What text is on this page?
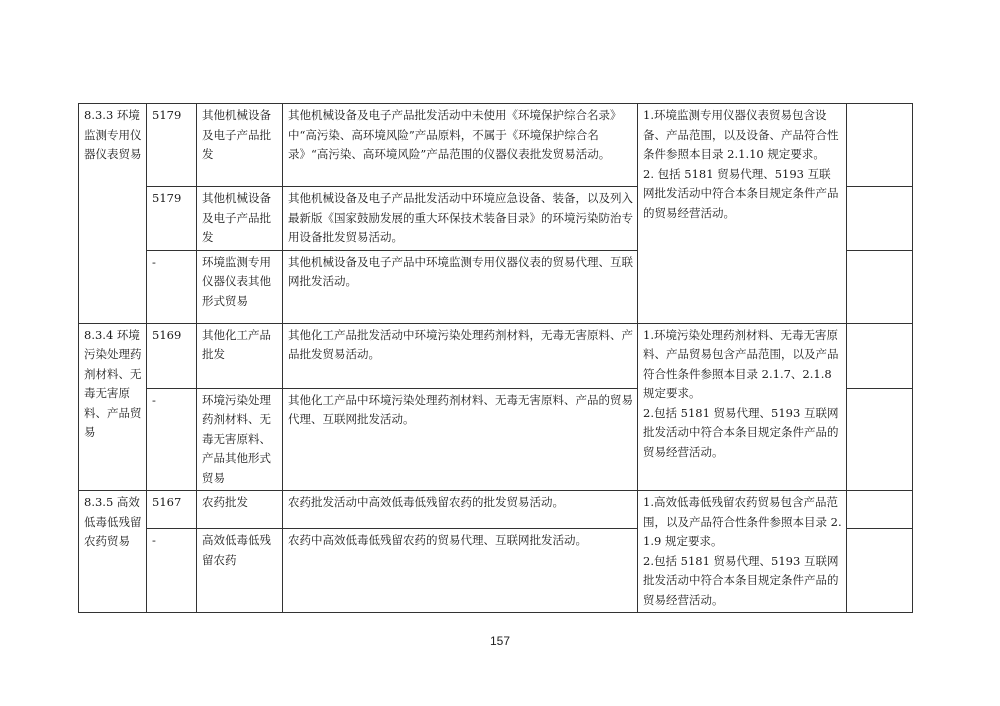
8.3.3 环境监测专用仪器仪表贸易	5179	其他机械设备及电子产品批发	其他机械设备及电子产品批发活动中未使用《环境保护综合名录》中“高污染、高环境风险”产品原料，不属于《环境保护综合名录》“高污染、高环境风险”产品范围的仪器仪表批发贸易活动。	1.环境监测专用仪器仪表贸易包含设备、产品范围，以及设备、产品符合性条件参照本目录 2.1.10 规定要求。
2. 包括 5181 贸易代理、5193 互联网批发活动中符合本条目规定条件产品的贸易经营活动。	
	5179	其他机械设备及电子产品批发	其他机械设备及电子产品批发活动中环境应急设备、装备，以及列入最新版《国家鼓励发展的重大环保技术装备目录》的环境污染防治专用设备批发贸易活动。		
	-	环境监测专用仪器仪表其他形式贸易	其他机械设备及电子产品中环境监测专用仪器仪表的贸易代理、互联网批发活动。		
8.3.4 环境污染处理药剂材料、无毒无害原料、产品贸易	5169	其他化工产品批发	其他化工产品批发活动中环境污染处理药剂材料，无毒无害原料、产品批发贸易活动。	1.环境污染处理药剂材料、无毒无害原料、产品贸易包含产品范围，以及产品符合性条件参照本目录 2.1.7、2.1.8 规定要求。
2.包括 5181 贸易代理、5193 互联网批发活动中符合本条目规定条件产品的贸易经营活动。	
	-	环境污染处理药剂材料、无毒无害原料、产品其他形式贸易	其他化工产品中环境污染处理药剂材料、无毒无害原料、产品的贸易代理、互联网批发活动。		
8.3.5 高效低毒低残留农药贸易	5167	农药批发	农药批发活动中高效低毒低残留农药的批发贸易活动。	1.高效低毒低残留农药贸易包含产品范围，以及产品符合性条件参照本目录 2.1.9 规定要求。
2.包括 5181 贸易代理、5193 互联网批发活动中符合本条目规定条件产品的贸易经营活动。	
	-	高效低毒低残留农药	农药中高效低毒低残留农药的贸易代理、互联网批发活动。		
157
